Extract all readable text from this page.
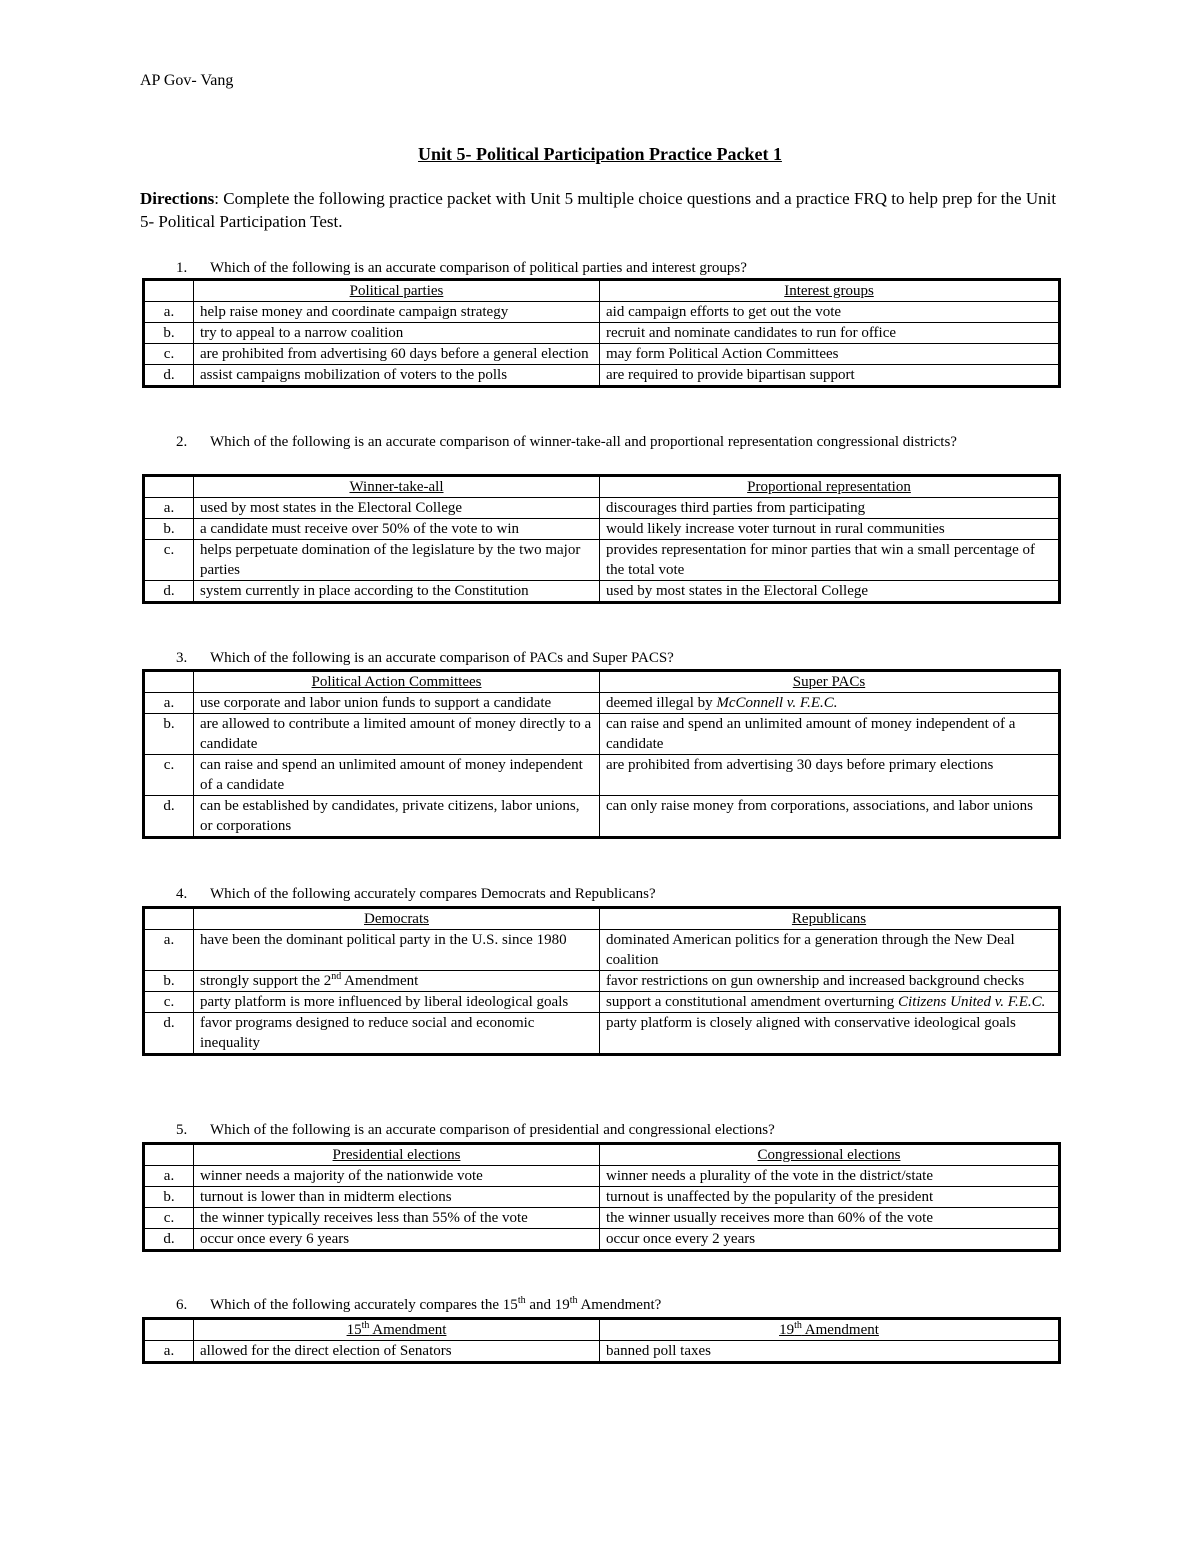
AP Gov- Vang
Unit 5- Political Participation Practice Packet 1
Directions: Complete the following practice packet with Unit 5 multiple choice questions and a practice FRQ to help prep for the Unit 5- Political Participation Test.
1. Which of the following is an accurate comparison of political parties and interest groups?
	Political parties	Interest groups
a.	help raise money and coordinate campaign strategy	aid campaign efforts to get out the vote
b.	try to appeal to a narrow coalition	recruit and nominate candidates to run for office
c.	are prohibited from advertising 60 days before a general election	may form Political Action Committees
d.	assist campaigns mobilization of voters to the polls	are required to provide bipartisan support
2. Which of the following is an accurate comparison of winner-take-all and proportional representation congressional districts?
	Winner-take-all	Proportional representation
a.	used by most states in the Electoral College	discourages third parties from participating
b.	a candidate must receive over 50% of the vote to win	would likely increase voter turnout in rural communities
c.	helps perpetuate domination of the legislature by the two major parties	provides representation for minor parties that win a small percentage of the total vote
d.	system currently in place according to the Constitution	used by most states in the Electoral College
3. Which of the following is an accurate comparison of PACs and Super PACS?
	Political Action Committees	Super PACs
a.	use corporate and labor union funds to support a candidate	deemed illegal by McConnell v. F.E.C.
b.	are allowed to contribute a limited amount of money directly to a candidate	can raise and spend an unlimited amount of money independent of a candidate
c.	can raise and spend an unlimited amount of money independent of a candidate	are prohibited from advertising 30 days before primary elections
d.	can be established by candidates, private citizens, labor unions, or corporations	can only raise money from corporations, associations, and labor unions
4. Which of the following accurately compares Democrats and Republicans?
	Democrats	Republicans
a.	have been the dominant political party in the U.S. since 1980	dominated American politics for a generation through the New Deal coalition
b.	strongly support the 2nd Amendment	favor restrictions on gun ownership and increased background checks
c.	party platform is more influenced by liberal ideological goals	support a constitutional amendment overturning Citizens United v. F.E.C.
d.	favor programs designed to reduce social and economic inequality	party platform is closely aligned with conservative ideological goals
5. Which of the following is an accurate comparison of presidential and congressional elections?
	Presidential elections	Congressional elections
a.	winner needs a majority of the nationwide vote	winner needs a plurality of the vote in the district/state
b.	turnout is lower than in midterm elections	turnout is unaffected by the popularity of the president
c.	the winner typically receives less than 55% of the vote	the winner usually receives more than 60% of the vote
d.	occur once every 6 years	occur once every 2 years
6. Which of the following accurately compares the 15th and 19th Amendment?
	15th Amendment	19th Amendment
a.	allowed for the direct election of Senators	banned poll taxes
